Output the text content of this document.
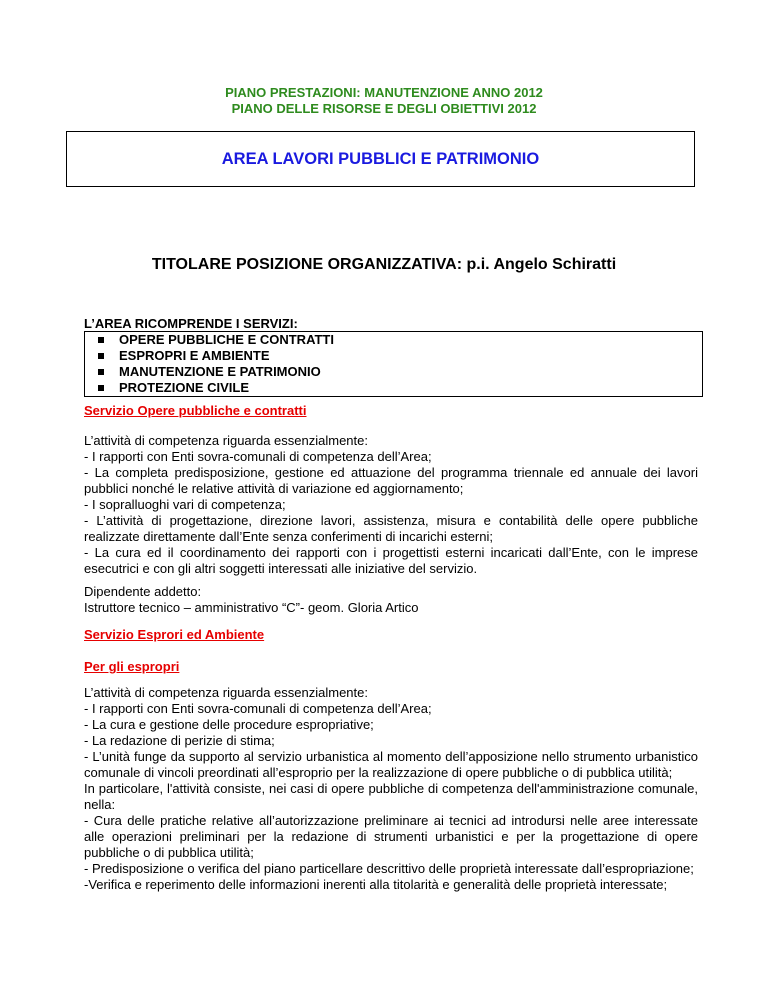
PIANO PRESTAZIONI: MANUTENZIONE ANNO 2012
PIANO DELLE RISORSE E DEGLI OBIETTIVI 2012
AREA LAVORI PUBBLICI E PATRIMONIO
TITOLARE POSIZIONE ORGANIZZATIVA: p.i. Angelo Schiratti
L’AREA RICOMPRENDE I SERVIZI:
OPERE PUBBLICHE E CONTRATTI
ESPROPRI E AMBIENTE
MANUTENZIONE E PATRIMONIO
PROTEZIONE CIVILE
Servizio Opere pubbliche e contratti

L’attività di competenza riguarda essenzialmente:

- I rapporti con Enti sovra-comunali di competenza dell’Area;

- La completa predisposizione, gestione ed attuazione del programma triennale ed annuale dei lavori pubblici nonché le relative attività di variazione ed aggiornamento;

- I sopralluoghi vari di competenza;

- L’attività di progettazione, direzione lavori, assistenza, misura e contabilità delle opere pubbliche realizzate direttamente dall’Ente senza conferimenti di incarichi esterni;

- La cura ed il coordinamento dei rapporti con i progettisti esterni incaricati dall’Ente, con le imprese esecutrici e con gli altri soggetti interessati alle iniziative del servizio.

Dipendente addetto:

Istruttore tecnico – amministrativo “C”- geom. Gloria Artico

Servizio Esprori ed Ambiente
Per gli espropri

L’attività di competenza riguarda essenzialmente:

- I rapporti con Enti sovra-comunali di competenza dell’Area;

- La cura e gestione delle procedure espropriative;

- La redazione di perizie di stima;

- L’unità funge da supporto al servizio urbanistica al momento dell’apposizione nello strumento urbanistico comunale di vincoli preordinati all’esproprio per la realizzazione di opere pubbliche o di pubblica utilità;

In particolare, l'attività consiste, nei casi di opere pubbliche di competenza dell'amministrazione comunale, nella:

- Cura delle pratiche relative all’autorizzazione preliminare ai tecnici ad introdursi nelle aree interessate alle operazioni preliminari per la redazione di strumenti urbanistici e per la progettazione di opere pubbliche o di pubblica utilità;

- Predisposizione o verifica del piano particellare descrittivo delle proprietà interessate dall’espropriazione;

-Verifica e reperimento delle informazioni inerenti alla titolarità e generalità delle proprietà interessate;
